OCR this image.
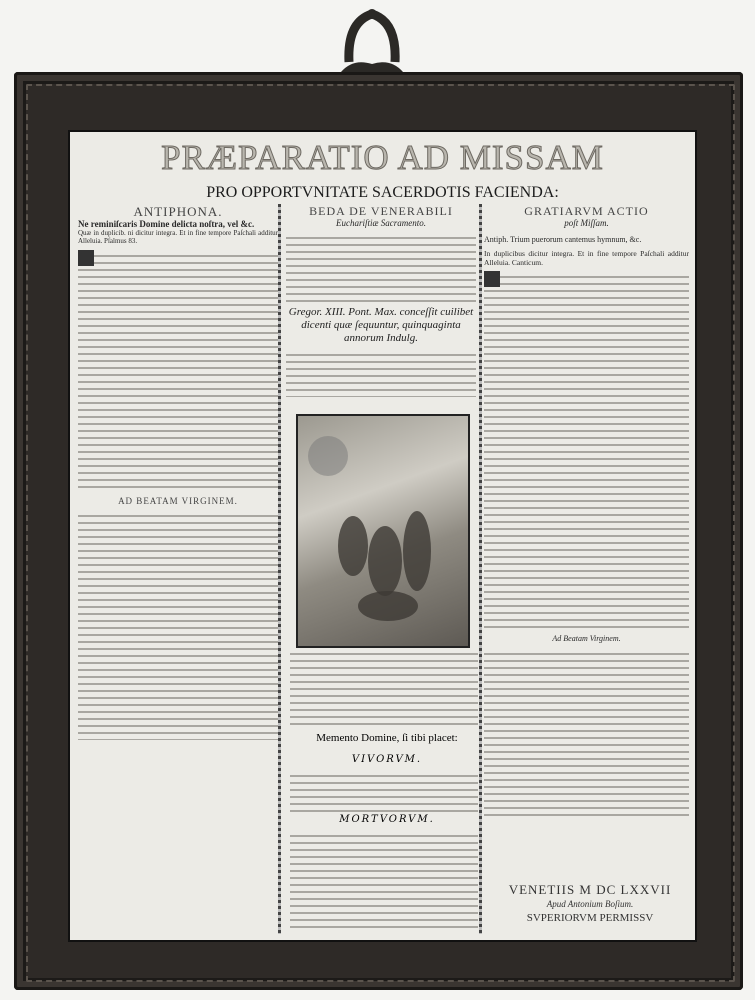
PRÆPARATIO AD MISSAM
PRO OPPORTVNITATE SACERDOTIS FACIENDA:
ANTIPHONA.
Ne reminiſcaris Domine delicta noſtra, vel &c.
Quæ in duplicib. ni dicitur integra. Et in fine tempore Paſchali additur Alleluia. Pſalmus 83.
AD BEATAM VIRGINEM.
BEDA DE VENERABILI
Euchariſtiæ Sacramento.
Gregor. XIII. Pont. Max. conceſſit cuilibet dicenti quæ ſequuntur, quinquaginta annorum Indulg.
Memento Domine, ſi tibi placet:
VIVORVM.
MORTVORVM.
GRATIARVM ACTIO
poſt Miſſam.
Antiph. Trium puerorum cantemus hymnum, &c.
In duplicibus dicitur integra. Et in fine tempore Paſchali additur Alleluia. Canticum.
Ad Beatam Virginem.
VENETIIS M DC LXXVII
Apud Antonium Boſium.
SVPERIORVM PERMISSV
